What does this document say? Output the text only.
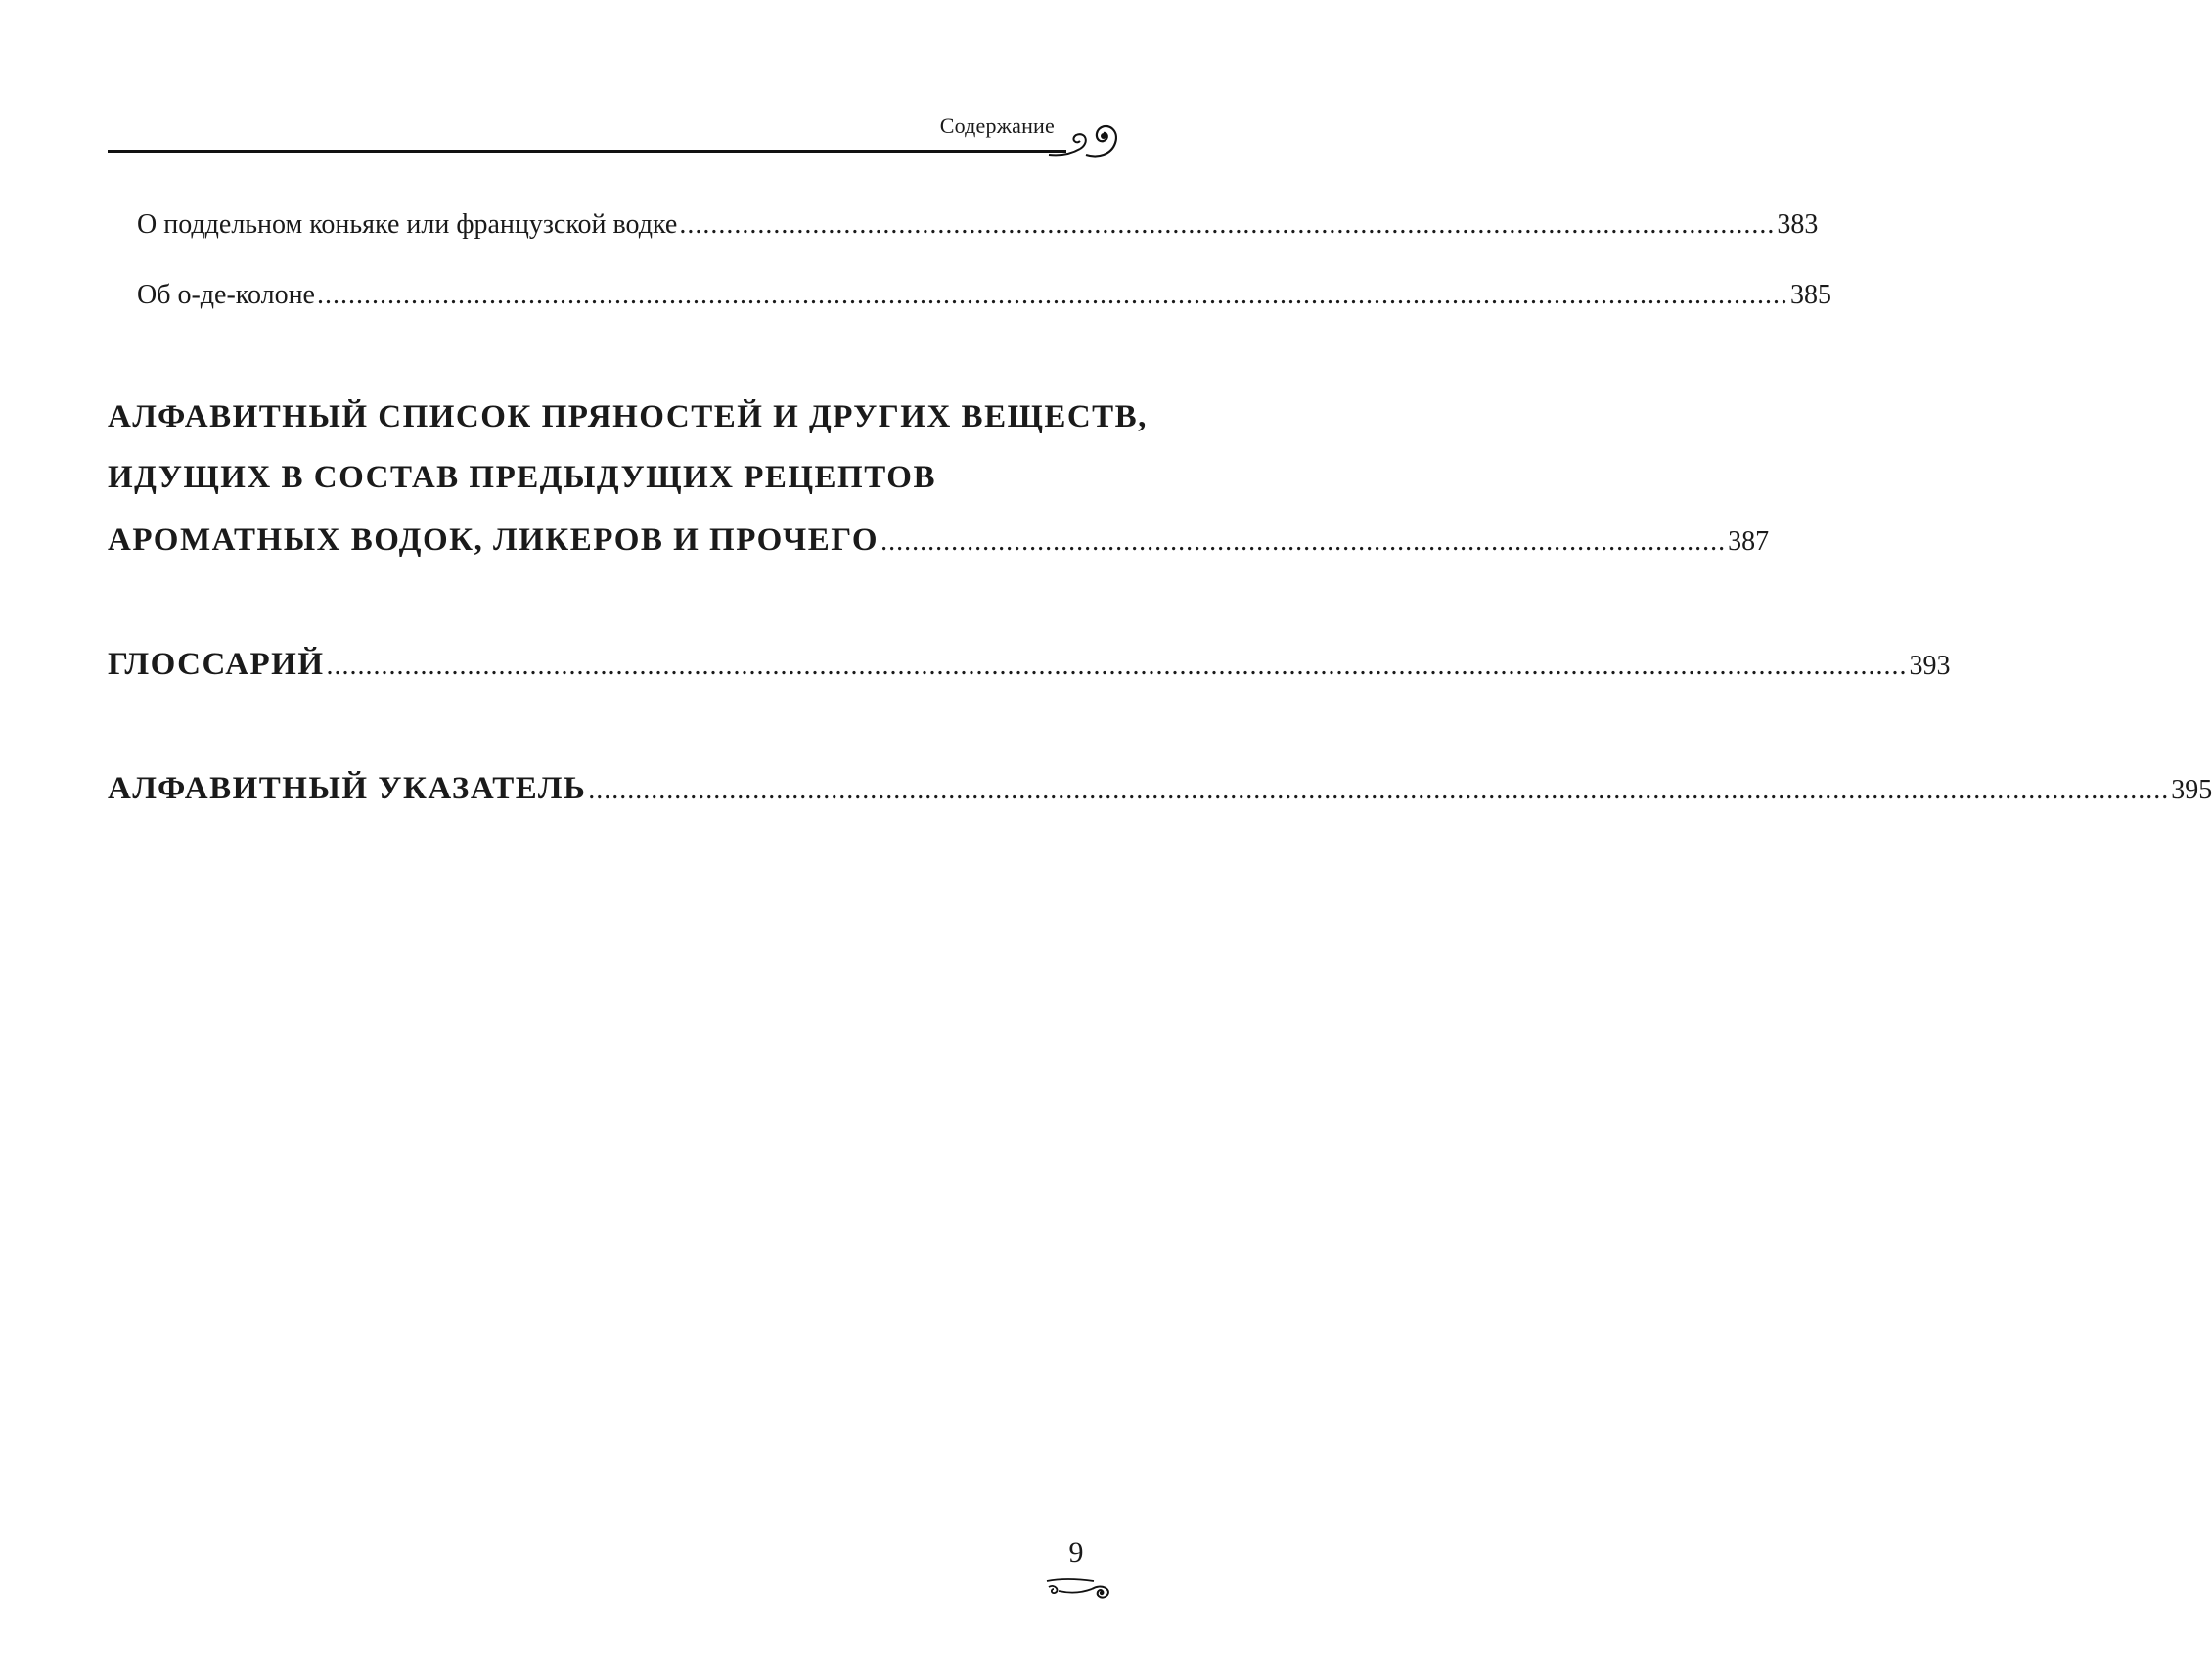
Содержание
О поддельном коньяке или французской водке ............................................................................................................................................ 383
Об о-де-колоне ............................................................................................................................................................................................ 385
АЛФАВИТНЫЙ СПИСОК ПРЯНОСТЕЙ И ДРУГИХ ВЕЩЕСТВ,
ИДУЩИХ В СОСТАВ ПРЕДЫДУЩИХ РЕЦЕПТОВ
АРОМАТНЫХ ВОДОК, ЛИКЕРОВ И ПРОЧЕГО ............................................................................................................ 387
ГЛОССАРИЙ .......................................................................................................................................................................................................... 393
АЛФАВИТНЫЙ УКАЗАТЕЛЬ .......................................................................................................................................................................................................... 395
9
